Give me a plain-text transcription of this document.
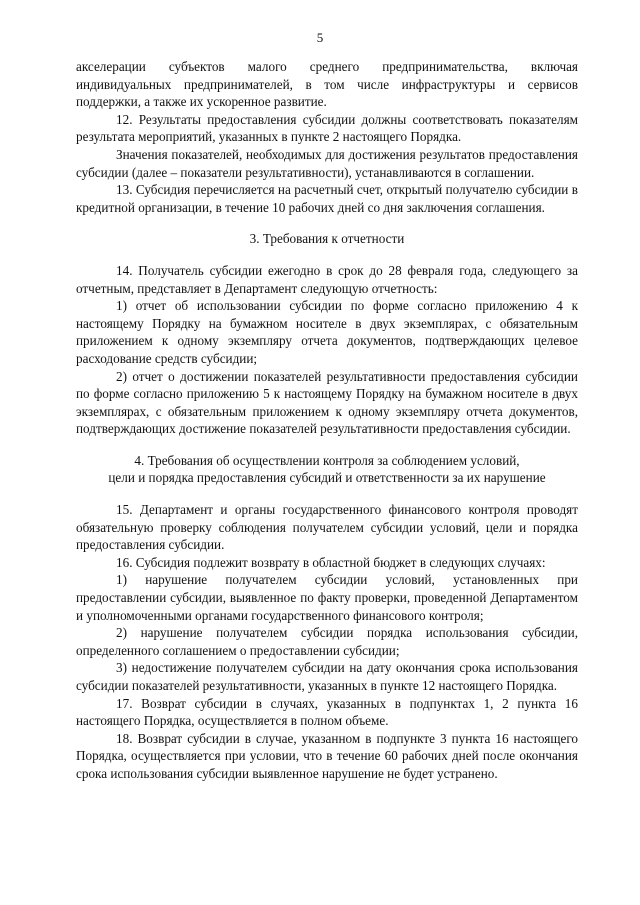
5

акселерации субъектов малого среднего предпринимательства, включая индивидуальных предпринимателей, в том числе инфраструктуры и сервисов поддержки, а также их ускоренное развитие.

12. Результаты предоставления субсидии должны соответствовать показателям результата мероприятий, указанных в пункте 2 настоящего Порядка.

Значения показателей, необходимых для достижения результатов предоставления субсидии (далее – показатели результативности), устанавливаются в соглашении.

13. Субсидия перечисляется на расчетный счет, открытый получателю субсидии в кредитной организации, в течение 10 рабочих дней со дня заключения соглашения.

3. Требования к отчетности

14. Получатель субсидии ежегодно в срок до 28 февраля года, следующего за отчетным, представляет в Департамент следующую отчетность:

1) отчет об использовании субсидии по форме согласно приложению 4 к настоящему Порядку на бумажном носителе в двух экземплярах, с обязательным приложением к одному экземпляру отчета документов, подтверждающих целевое расходование средств субсидии;

2) отчет о достижении показателей результативности предоставления субсидии по форме согласно приложению 5 к настоящему Порядку на бумажном носителе в двух экземплярах, с обязательным приложением к одному экземпляру отчета документов, подтверждающих достижение показателей результативности предоставления субсидии.

4. Требования об осуществлении контроля за соблюдением условий,
цели и порядка предоставления субсидий и ответственности за их нарушение

15. Департамент и органы государственного финансового контроля проводят обязательную проверку соблюдения получателем субсидии условий, цели и порядка предоставления субсидии.

16. Субсидия подлежит возврату в областной бюджет в следующих случаях:

1) нарушение получателем субсидии условий, установленных при предоставлении субсидии, выявленное по факту проверки, проведенной Департаментом и уполномоченными органами государственного финансового контроля;

2) нарушение получателем субсидии порядка использования субсидии, определенного соглашением о предоставлении субсидии;

3) недостижение получателем субсидии на дату окончания срока использования субсидии показателей результативности, указанных в пункте 12 настоящего Порядка.

17. Возврат субсидии в случаях, указанных в подпунктах 1, 2 пункта 16 настоящего Порядка, осуществляется в полном объеме.

18. Возврат субсидии в случае, указанном в подпункте 3 пункта 16 настоящего Порядка, осуществляется при условии, что в течение 60 рабочих дней после окончания срока использования субсидии выявленное нарушение не будет устранено.
